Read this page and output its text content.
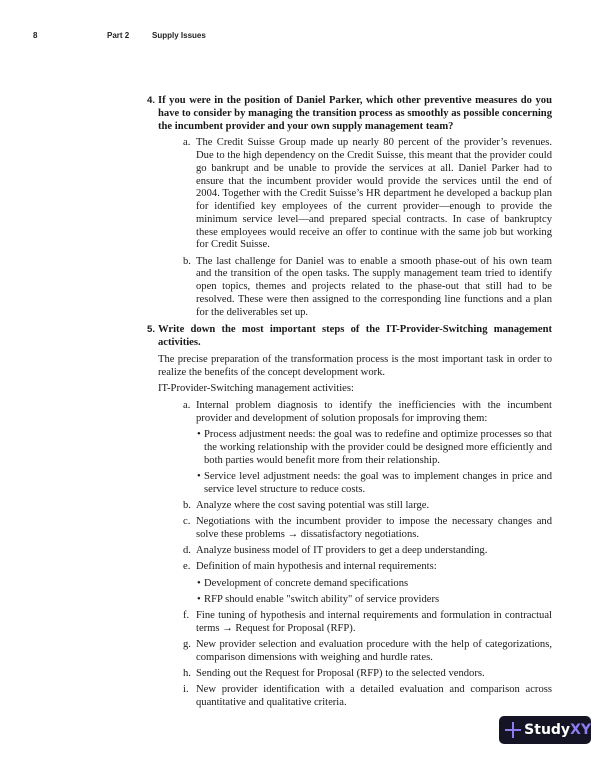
8	Part 2	Supply Issues
4. If you were in the position of Daniel Parker, which other preventive measures do you have to consider by managing the transition process as smoothly as possible concerning the incumbent provider and your own supply management team?
a. The Credit Suisse Group made up nearly 80 percent of the provider’s revenues. Due to the high dependency on the Credit Suisse, this meant that the provider could go bankrupt and be unable to provide the services at all. Daniel Parker had to ensure that the incumbent provider would provide the services until the end of 2004. Together with the Credit Suisse’s HR department he developed a backup plan for identified key employees of the current provider—enough to provide the minimum service level—and prepared special contracts. In case of bankruptcy these employees would receive an offer to continue with the same job but working for Credit Suisse.
b. The last challenge for Daniel was to enable a smooth phase-out of his own team and the transition of the open tasks. The supply management team tried to identify open topics, themes and projects related to the phase-out that still had to be resolved. These were then assigned to the corresponding line functions and a plan for the deliverables set up.
5. Write down the most important steps of the IT-Provider-Switching management activities.
The precise preparation of the transformation process is the most important task in order to realize the benefits of the concept development work.
IT-Provider-Switching management activities:
a. Internal problem diagnosis to identify the inefficiencies with the incumbent provider and development of solution proposals for improving them:
• Process adjustment needs: the goal was to redefine and optimize processes so that the working relationship with the provider could be designed more efficiently and both parties would benefit more from their relationship.
• Service level adjustment needs: the goal was to implement changes in price and service level structure to reduce costs.
b. Analyze where the cost saving potential was still large.
c. Negotiations with the incumbent provider to impose the necessary changes and solve these problems → dissatisfactory negotiations.
d. Analyze business model of IT providers to get a deep understanding.
e. Definition of main hypothesis and internal requirements:
• Development of concrete demand specifications
• RFP should enable "switch ability" of service providers
f. Fine tuning of hypothesis and internal requirements and formulation in contractual terms → Request for Proposal (RFP).
g. New provider selection and evaluation procedure with the help of categorizations, comparison dimensions with weighing and hurdle rates.
h. Sending out the Request for Proposal (RFP) to the selected vendors.
i. New provider identification with a detailed evaluation and comparison across quantitative and qualitative criteria.
Study XY
